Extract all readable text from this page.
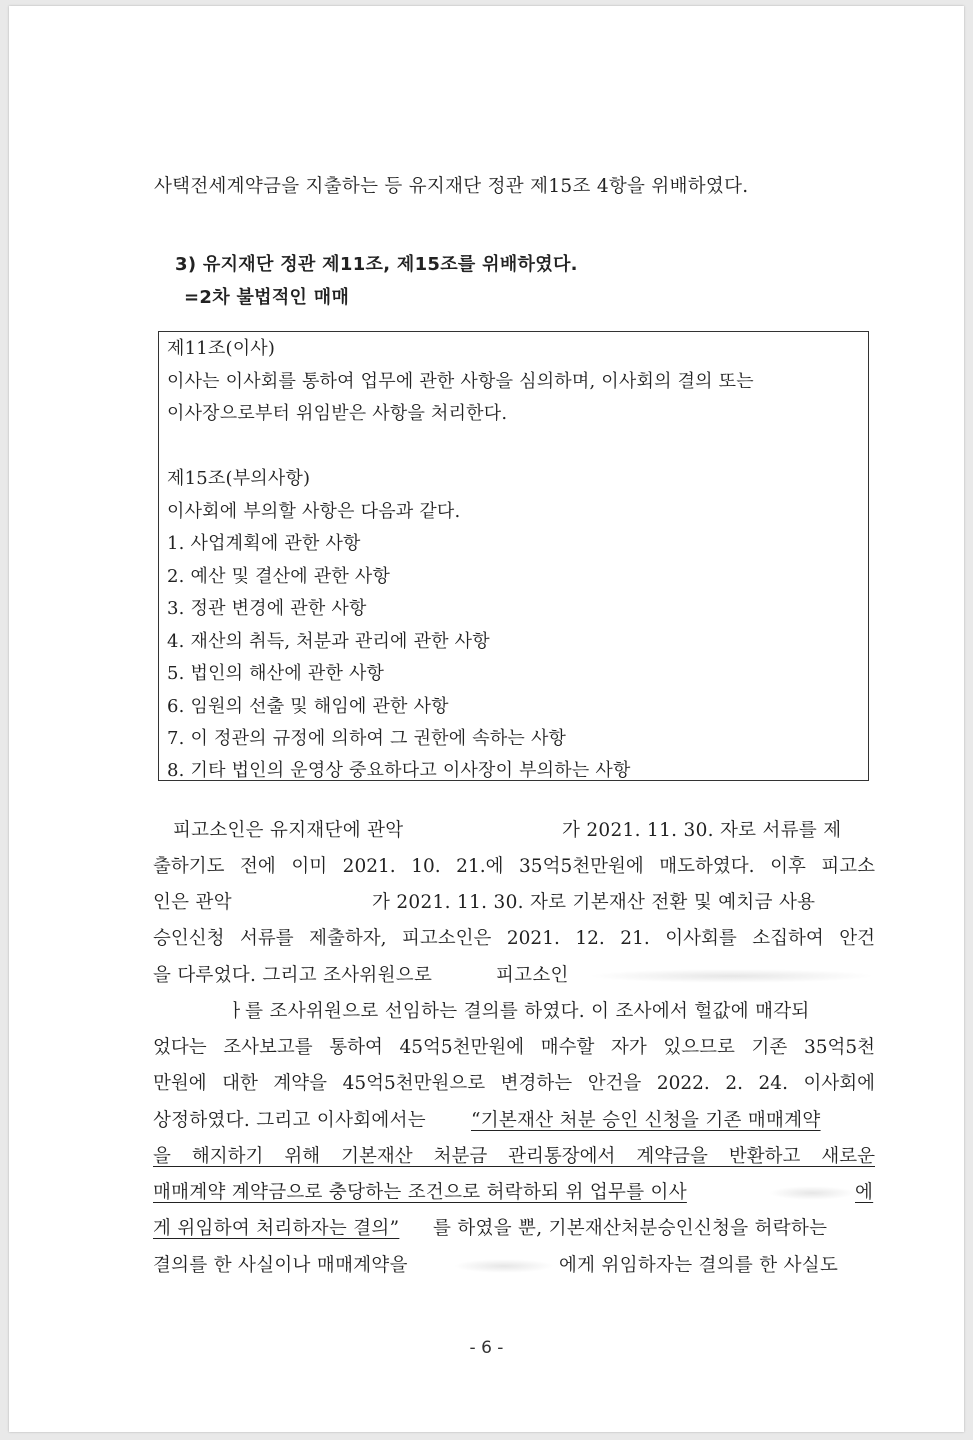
사택전세계약금을 지출하는 등 유지재단 정관 제15조 4항을 위배하였다.
3) 유지재단 정관 제11조, 제15조를 위배하였다.
=2차 불법적인 매매
제11조(이사)
이사는 이사회를 통하여 업무에 관한 사항을 심의하며, 이사회의 결의 또는
이사장으로부터 위임받은 사항을 처리한다.
제15조(부의사항)
이사회에 부의할 사항은 다음과 같다.
1. 사업계획에 관한 사항
2. 예산 및 결산에 관한 사항
3. 정관 변경에 관한 사항
4. 재산의 취득, 처분과 관리에 관한 사항
5. 법인의 해산에 관한 사항
6. 임원의 선출 및 해임에 관한 사항
7. 이 정관의 규정에 의하여 그 권한에 속하는 사항
8. 기타 법인의 운영상 중요하다고 이사장이 부의하는 사항
피고소인은 유지재단에 관악	가 2021. 11. 30. 자로 서류를 제
출하기도 전에 이미 2021. 10. 21.에 35억5천만원에 매도하였다. 이후 피고소
인은 관악	가 2021. 11. 30. 자로 기본재산 전환 및 예치금 사용
승인신청 서류를 제출하자, 피고소인은 2021. 12. 21. 이사회를 소집하여 안건
을 다루었다. 그리고 조사위원으로	피고소인
ㅏ를 조사위원으로 선임하는 결의를 하였다. 이 조사에서 헐값에 매각되
었다는 조사보고를 통하여 45억5천만원에 매수할 자가 있으므로 기존 35억5천
만원에 대한 계약을 45억5천만원으로 변경하는 안건을 2022. 2. 24. 이사회에
상정하였다. 그리고 이사회에서는 “기본재산 처분 승인 신청을 기존 매매계약
을 해지하기 위해 기본재산 처분금 관리통장에서 계약금을 반환하고 새로운
매매계약 계약금으로 충당하는 조건으로 허락하되 위 업무를 이사	에
게 위임하여 처리하자는 결의” 를 하였을 뿐, 기본재산처분승인신청을 허락하는
결의를 한 사실이나 매매계약을	에게 위임하자는 결의를 한 사실도
- 6 -
